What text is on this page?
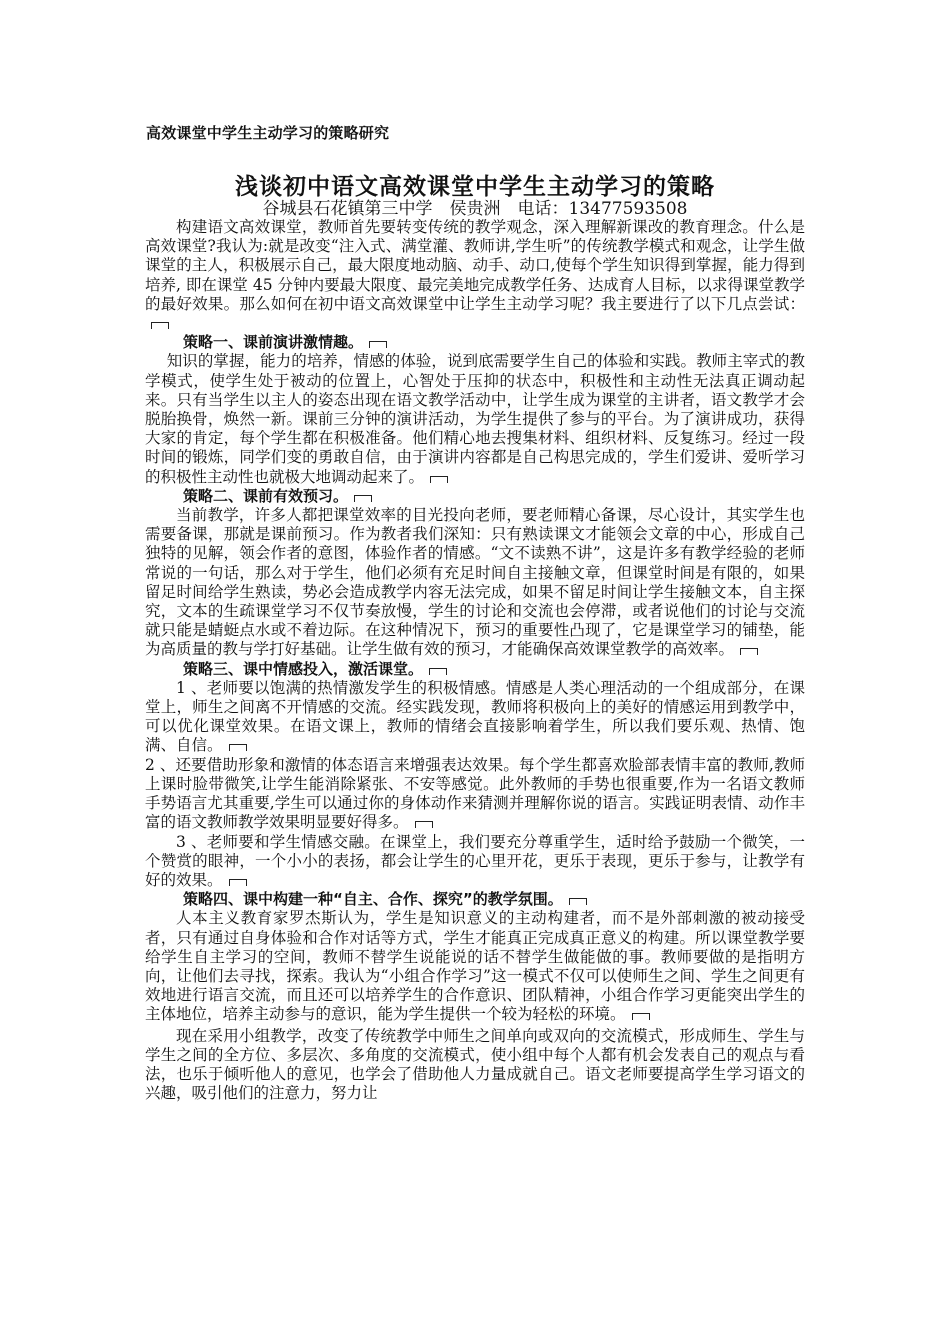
高效课堂中学生主动学习的策略研究
浅谈初中语文高效课堂中学生主动学习的策略
谷城县石花镇第三中学　侯贵洲　电话：13477593508

构建语文高效课堂，教师首先要转变传统的教学观念，深入理解新课改的教育理念。什么是高效课堂?我认为:就是改变“注入式、满堂灌、教师讲,学生听”的传统教学模式和观念，让学生做课堂的主人，积极展示自己，最大限度地动脑、动手、动口,使每个学生知识得到掌握，能力得到培养, 即在课堂 45 分钟内要最大限度、最完美地完成教学任务、达成育人目标，以求得课堂教学的最好效果。那么如何在初中语文高效课堂中让学生主动学习呢？我主要进行了以下几点尝试：

策略一、课前演讲激情趣。

知识的掌握，能力的培养，情感的体验，说到底需要学生自己的体验和实践。教师主宰式的教学模式，使学生处于被动的位置上，心智处于压抑的状态中，积极性和主动性无法真正调动起来。只有当学生以主人的姿态出现在语文教学活动中，让学生成为课堂的主讲者，语文教学才会脱胎换骨，焕然一新。课前三分钟的演讲活动，为学生提供了参与的平台。为了演讲成功，获得大家的肯定，每个学生都在积极准备。他们精心地去搜集材料、组织材料、反复练习。经过一段时间的锻炼，同学们变的勇敢自信，由于演讲内容都是自己构思完成的，学生们爱讲、爱听学习的积极性主动性也就极大地调动起来了。

策略二、课前有效预习。

当前教学，许多人都把课堂效率的目光投向老师，要老师精心备课，尽心设计，其实学生也需要备课，那就是课前预习。作为教者我们深知：只有熟读课文才能领会文章的中心，形成自己独特的见解，领会作者的意图，体验作者的情感。“文不读熟不讲”，这是许多有教学经验的老师常说的一句话，那么对于学生，他们必须有充足时间自主接触文章，但课堂时间是有限的，如果留足时间给学生熟读，势必会造成教学内容无法完成，如果不留足时间让学生接触文本，自主探究，文本的生疏课堂学习不仅节奏放慢，学生的讨论和交流也会停滞，或者说他们的讨论与交流就只能是蜻蜓点水或不着边际。在这种情况下，预习的重要性凸现了，它是课堂学习的铺垫，能为高质量的教与学打好基础。让学生做有效的预习，才能确保高效课堂教学的高效率。

策略三、课中情感投入，激活课堂。

1 、老师要以饱满的热情激发学生的积极情感。情感是人类心理活动的一个组成部分，在课堂上，师生之间离不开情感的交流。经实践发现，教师将积极向上的美好的情感运用到教学中，可以优化课堂效果。在语文课上，教师的情绪会直接影响着学生，所以我们要乐观、热情、饱满、自信。

2 、还要借助形象和激情的体态语言来增强表达效果。每个学生都喜欢脸部表情丰富的教师,教师上课时脸带微笑,让学生能消除紧张、不安等感觉。此外教师的手势也很重要,作为一名语文教师手势语言尤其重要,学生可以通过你的身体动作来猜测并理解你说的语言。实践证明表情、动作丰富的语文教师教学效果明显要好得多。

3 、老师要和学生情感交融。在课堂上，我们要充分尊重学生，适时给予鼓励一个微笑，一个赞赏的眼神，一个小小的表扬，都会让学生的心里开花，更乐于表现，更乐于参与，让教学有好的效果。

策略四、课中构建一种“自主、合作、探究”的教学氛围。

人本主义教育家罗杰斯认为，学生是知识意义的主动构建者，而不是外部刺激的被动接受者，只有通过自身体验和合作对话等方式，学生才能真正完成真正意义的构建。所以课堂教学要给学生自主学习的空间，教师不替学生说能说的话不替学生做能做的事。教师要做的是指明方向，让他们去寻找，探索。我认为“小组合作学习”这一模式不仅可以使师生之间、学生之间更有效地进行语言交流，而且还可以培养学生的合作意识、团队精神，小组合作学习更能突出学生的主体地位，培养主动参与的意识，能为学生提供一个较为轻松的环境。

现在采用小组教学，改变了传统教学中师生之间单向或双向的交流模式，形成师生、学生与学生之间的全方位、多层次、多角度的交流模式，使小组中每个人都有机会发表自己的观点与看法，也乐于倾听他人的意见，也学会了借助他人力量成就自己。语文老师要提高学生学习语文的兴趣，吸引他们的注意力，努力让
